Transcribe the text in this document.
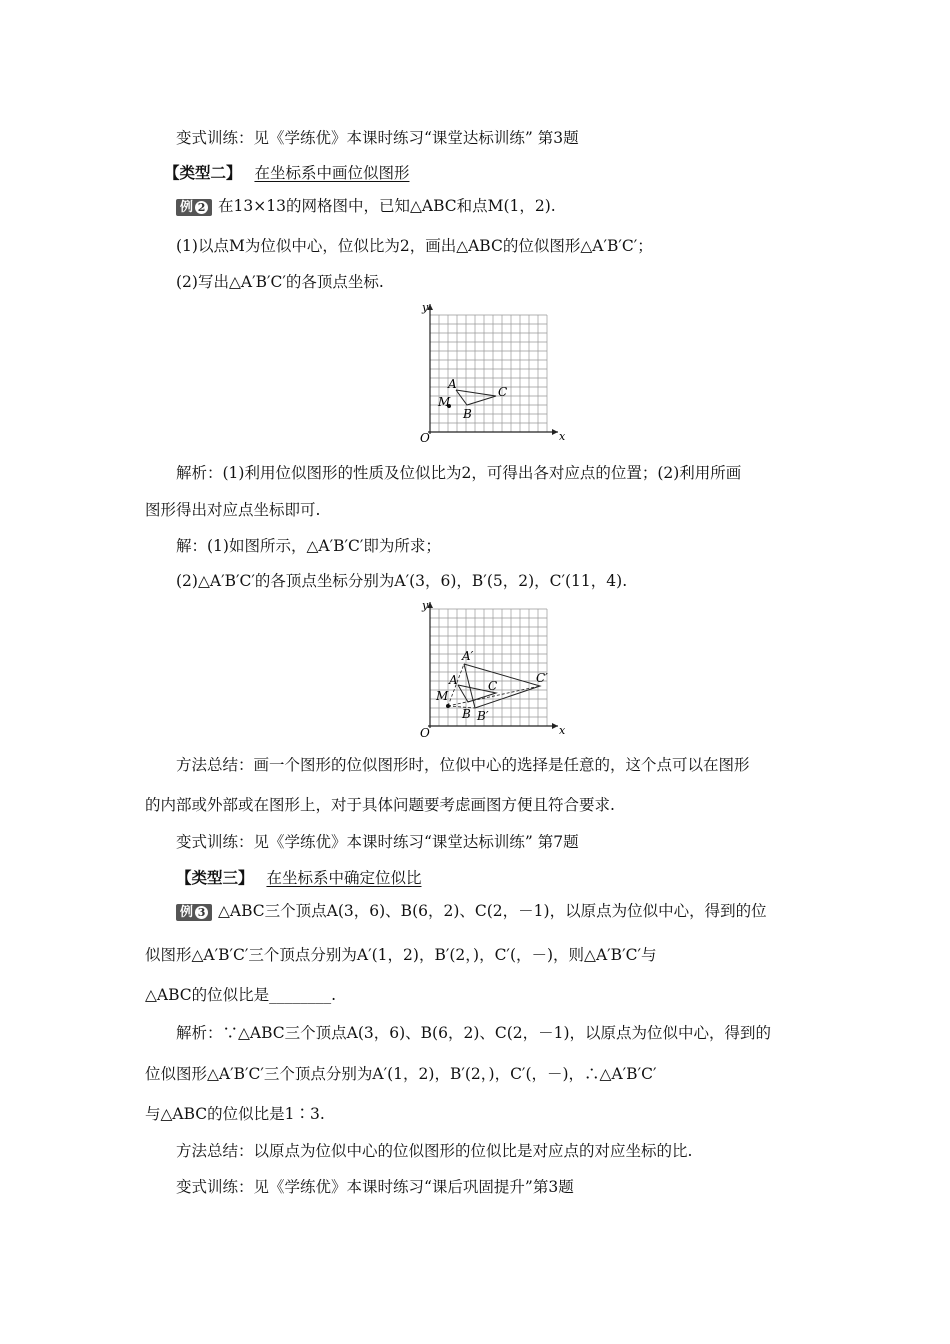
变式训练：见《学练优》本课时练习“课堂达标训练” 第3题
【类型二】 在坐标系中画位似图形
例 2 在13×13的网格图中，已知△ABC和点M(1，2).
(1)以点M为位似中心，位似比为2，画出△ABC的位似图形△A′B′C′；
(2)写出△A′B′C′的各顶点坐标.
x
y
O
A
B
C
M
解析：(1)利用位似图形的性质及位似比为2，可得出各对应点的位置；(2)利用所画
图形得出对应点坐标即可.
解：(1)如图所示，△A′B′C′即为所求；
(2)△A′B′C′的各顶点坐标分别为A′(3，6)，B′(5，2)，C′(11，4).
x
y
O
A
B
C
M
A′
B′
C′
方法总结：画一个图形的位似图形时，位似中心的选择是任意的，这个点可以在图形
的内部或外部或在图形上，对于具体问题要考虑画图方便且符合要求.
变式训练：见《学练优》本课时练习“课堂达标训练” 第7题
【类型三】 在坐标系中确定位似比
例 3 △ABC三个顶点A(3，6)、B(6，2)、C(2，－1)，以原点为位似中心，得到的位
似图形△A′B′C′三个顶点分别为A′(1，2)，B′(2，)，C′(，－)，则△A′B′C′与
△ABC的位似比是________.
解析：∵△ABC三个顶点A(3，6)、B(6，2)、C(2，－1)，以原点为位似中心，得到的
位似图形△A′B′C′三个顶点分别为A′(1，2)，B′(2，)，C′(，－)，∴△A′B′C′
与△ABC的位似比是1∶3.
方法总结：以原点为位似中心的位似图形的位似比是对应点的对应坐标的比.
变式训练：见《学练优》本课时练习“课后巩固提升”第3题
